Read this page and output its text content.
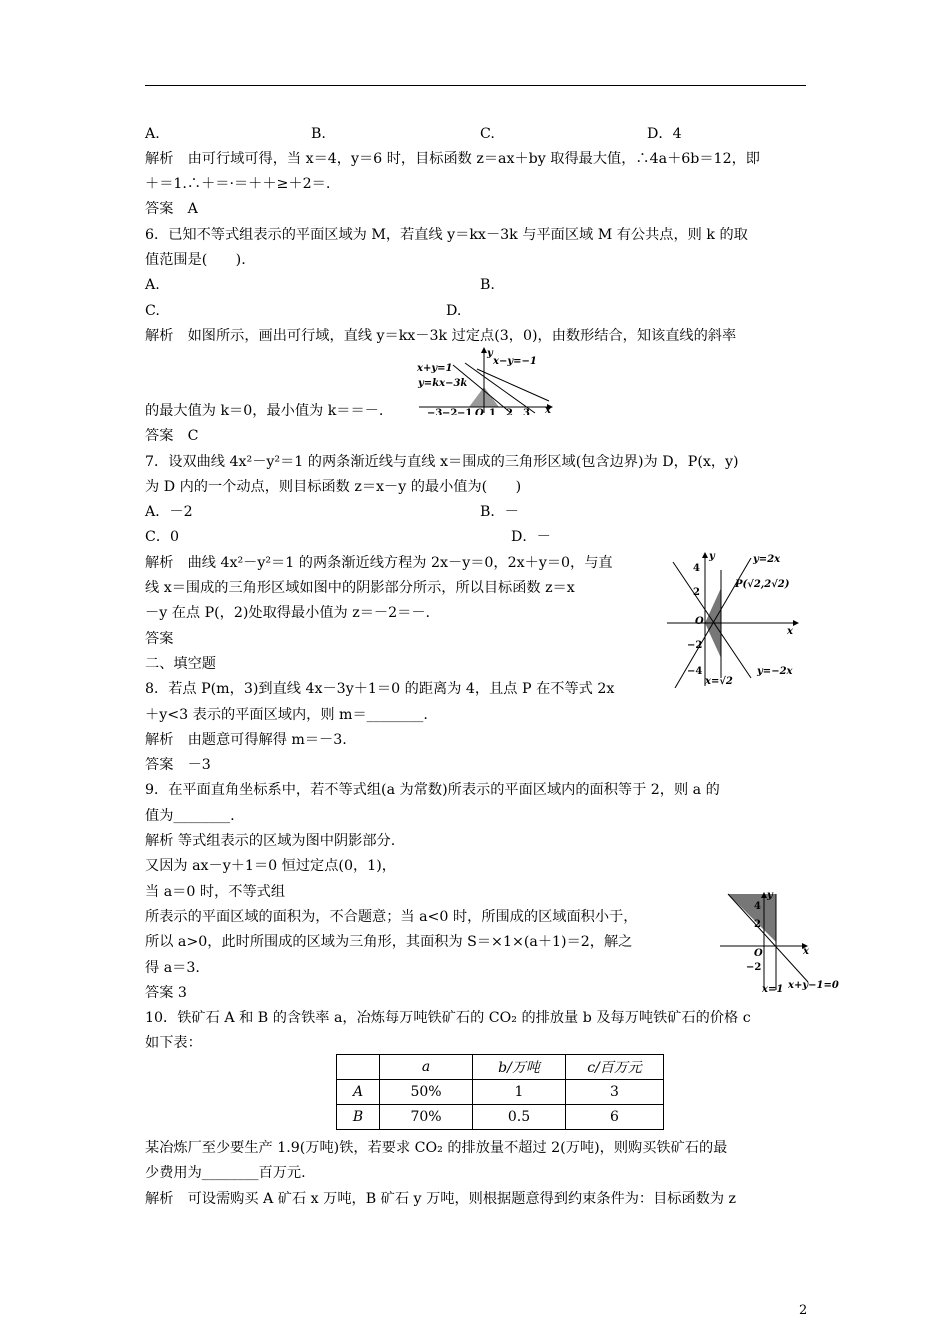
A.	B.	C.	D．4
解析　由可行域可得，当 x＝4，y＝6 时，目标函数 z＝ax＋by 取得最大值，∴4a＋6b＝12，即
＋＝1.∴＋＝·＝＋＋≥＋2＝.
答案　A
6．已知不等式组表示的平面区域为 M，若直线 y＝kx－3k 与平面区域 M 有公共点，则 k 的取
值范围是(　　).
A.	B.
C.	D.
解析　如图所示，画出可行域，直线 y＝kx－3k 过定点(3，0)，由数形结合，知该直线的斜率
x+y=1
x−y=−1
y=kx−3k
y
x
−3 −2 −1 O 1 2 3
的最大值为 k＝0，最小值为 k＝＝－.
答案　C
7．设双曲线 4x²－y²＝1 的两条渐近线与直线 x＝围成的三角形区域(包含边界)为 D，P(x，y)
为 D 内的一个动点，则目标函数 z＝x－y 的最小值为(　　)
A．－2	B．－
C．0	D．－
解析　曲线 4x²－y²＝1 的两条渐近线方程为 2x－y＝0，2x＋y＝0，与直
线 x＝围成的三角形区域如图中的阴影部分所示，所以目标函数 z＝x
－y 在点 P(，2)处取得最小值为 z＝－2＝－.
答案
y=2x
P(√2,2√2)
y
4
2
O
x
−2
−4	y=−2x
x=√2
二、填空题
8．若点 P(m，3)到直线 4x－3y＋1＝0 的距离为 4，且点 P 在不等式 2x
＋y<3 表示的平面区域内，则 m＝________.
解析　由题意可得解得 m＝－3.
答案　－3
9．在平面直角坐标系中，若不等式组(a 为常数)所表示的平面区域内的面积等于 2，则 a 的
值为________.
解析 等式组表示的区域为图中阴影部分.
又因为 ax－y＋1＝0 恒过定点(0，1)，
当 a＝0 时，不等式组
所表示的平面区域的面积为，不合题意；当 a<0 时，所围成的区域面积小于，
所以 a>0，此时所围成的区域为三角形，其面积为 S＝×1×(a＋1)＝2，解之
得 a＝3.
答案 3
y
4
2
O	x
−2
x=1 x+y−1=0
10．铁矿石 A 和 B 的含铁率 a，冶炼每万吨铁矿石的 CO₂ 的排放量 b 及每万吨铁矿石的价格 c
如下表：
	a	b/万吨	c/百万元
A	50%	1	3
B	70%	0.5	6
某冶炼厂至少要生产 1.9(万吨)铁，若要求 CO₂ 的排放量不超过 2(万吨)，则购买铁矿石的最
少费用为________百万元.
解析　可设需购买 A 矿石 x 万吨，B 矿石 y 万吨，则根据题意得到约束条件为：目标函数为 z
2
